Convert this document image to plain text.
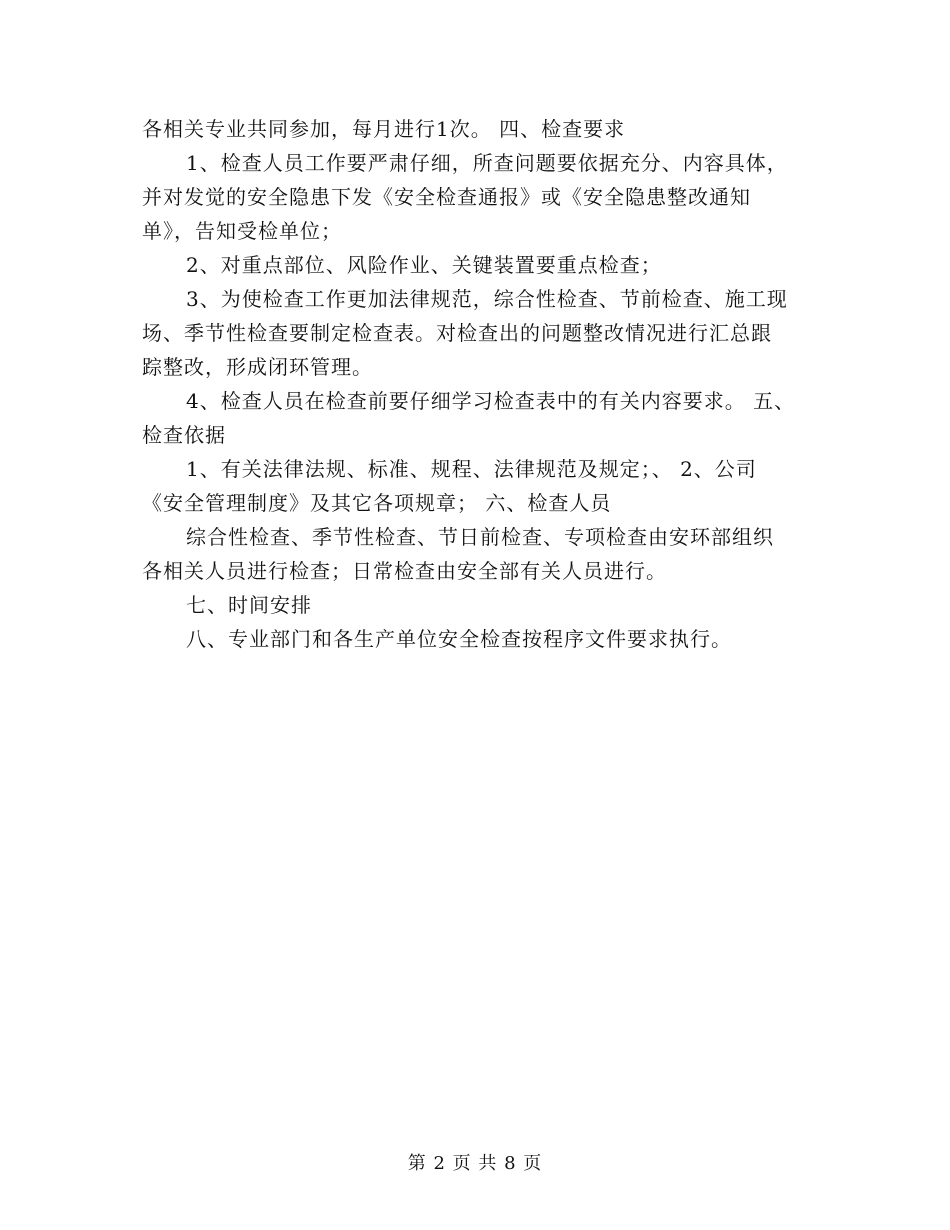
各相关专业共同参加，每月进行1次。 四、检查要求
1、检查人员工作要严肃仔细，所查问题要依据充分、内容具体，
并对发觉的安全隐患下发《安全检查通报》或《安全隐患整改通知
单》，告知受检单位；
2、对重点部位、风险作业、关键装置要重点检查；
3、为使检查工作更加法律规范，综合性检查、节前检查、施工现
场、季节性检查要制定检查表。对检查出的问题整改情况进行汇总跟
踪整改，形成闭环管理。
4、检查人员在检查前要仔细学习检查表中的有关内容要求。 五、
检查依据
1、有关法律法规、标准、规程、法律规范及规定；、 2、公司
《安全管理制度》及其它各项规章； 六、检查人员
综合性检查、季节性检查、节日前检查、专项检查由安环部组织
各相关人员进行检查；日常检查由安全部有关人员进行。
七、时间安排
八、专业部门和各生产单位安全检查按程序文件要求执行。
第 2 页 共 8 页
